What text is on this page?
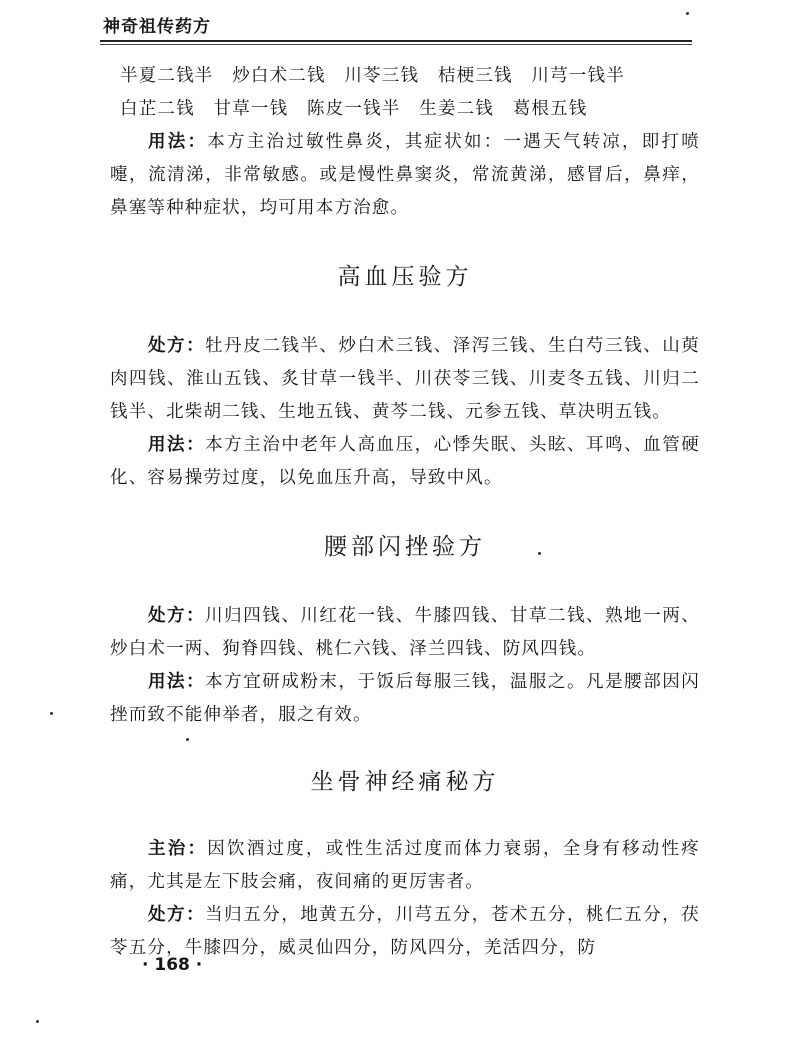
神奇祖传药方

半夏二钱半　炒白术二钱　川苓三钱　桔梗三钱　川芎一钱半

白芷二钱　甘草一钱　陈皮一钱半　生姜二钱　葛根五钱

用法：本方主治过敏性鼻炎，其症状如：一遇天气转凉，即打喷嚏，流清涕，非常敏感。或是慢性鼻窦炎，常流黄涕，感冒后，鼻痒，鼻塞等种种症状，均可用本方治愈。

高血压验方

处方：牡丹皮二钱半、炒白术三钱、泽泻三钱、生白芍三钱、山萸肉四钱、淮山五钱、炙甘草一钱半、川茯苓三钱、川麦冬五钱、川归二钱半、北柴胡二钱、生地五钱、黄芩二钱、元参五钱、草决明五钱。

用法：本方主治中老年人高血压，心悸失眠、头眩、耳鸣、血管硬化、容易操劳过度，以免血压升高，导致中风。

腰部闪挫验方

处方：川归四钱、川红花一钱、牛膝四钱、甘草二钱、熟地一两、炒白术一两、狗脊四钱、桃仁六钱、泽兰四钱、防风四钱。

用法：本方宜研成粉末，于饭后每服三钱，温服之。凡是腰部因闪挫而致不能伸举者，服之有效。

坐骨神经痛秘方

主治：因饮酒过度，或性生活过度而体力衰弱，全身有移动性疼痛，尤其是左下肢会痛，夜间痛的更厉害者。

处方：当归五分，地黄五分，川芎五分，苍术五分，桃仁五分，茯苓五分，牛膝四分，威灵仙四分，防风四分，羌活四分，防

· 168 ·
